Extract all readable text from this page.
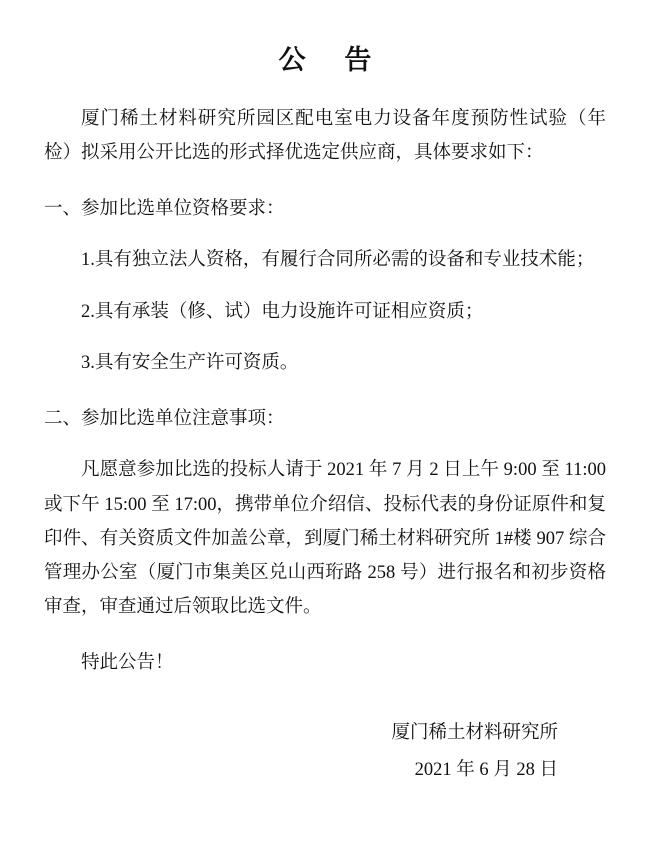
公 告

厦门稀土材料研究所园区配电室电力设备年度预防性试验（年检）拟采用公开比选的形式择优选定供应商，具体要求如下：

一、参加比选单位资格要求：

1.具有独立法人资格，有履行合同所必需的设备和专业技术能；

2.具有承装（修、试）电力设施许可证相应资质；

3.具有安全生产许可资质。

二、参加比选单位注意事项：

凡愿意参加比选的投标人请于 2021 年 7 月 2 日上午 9:00 至 11:00 或下午 15:00 至 17:00，携带单位介绍信、投标代表的身份证原件和复印件、有关资质文件加盖公章，到厦门稀土材料研究所 1#楼 907 综合管理办公室（厦门市集美区兑山西珩路 258 号）进行报名和初步资格审查，审查通过后领取比选文件。

特此公告！

厦门稀土材料研究所
2021 年 6 月 28 日
